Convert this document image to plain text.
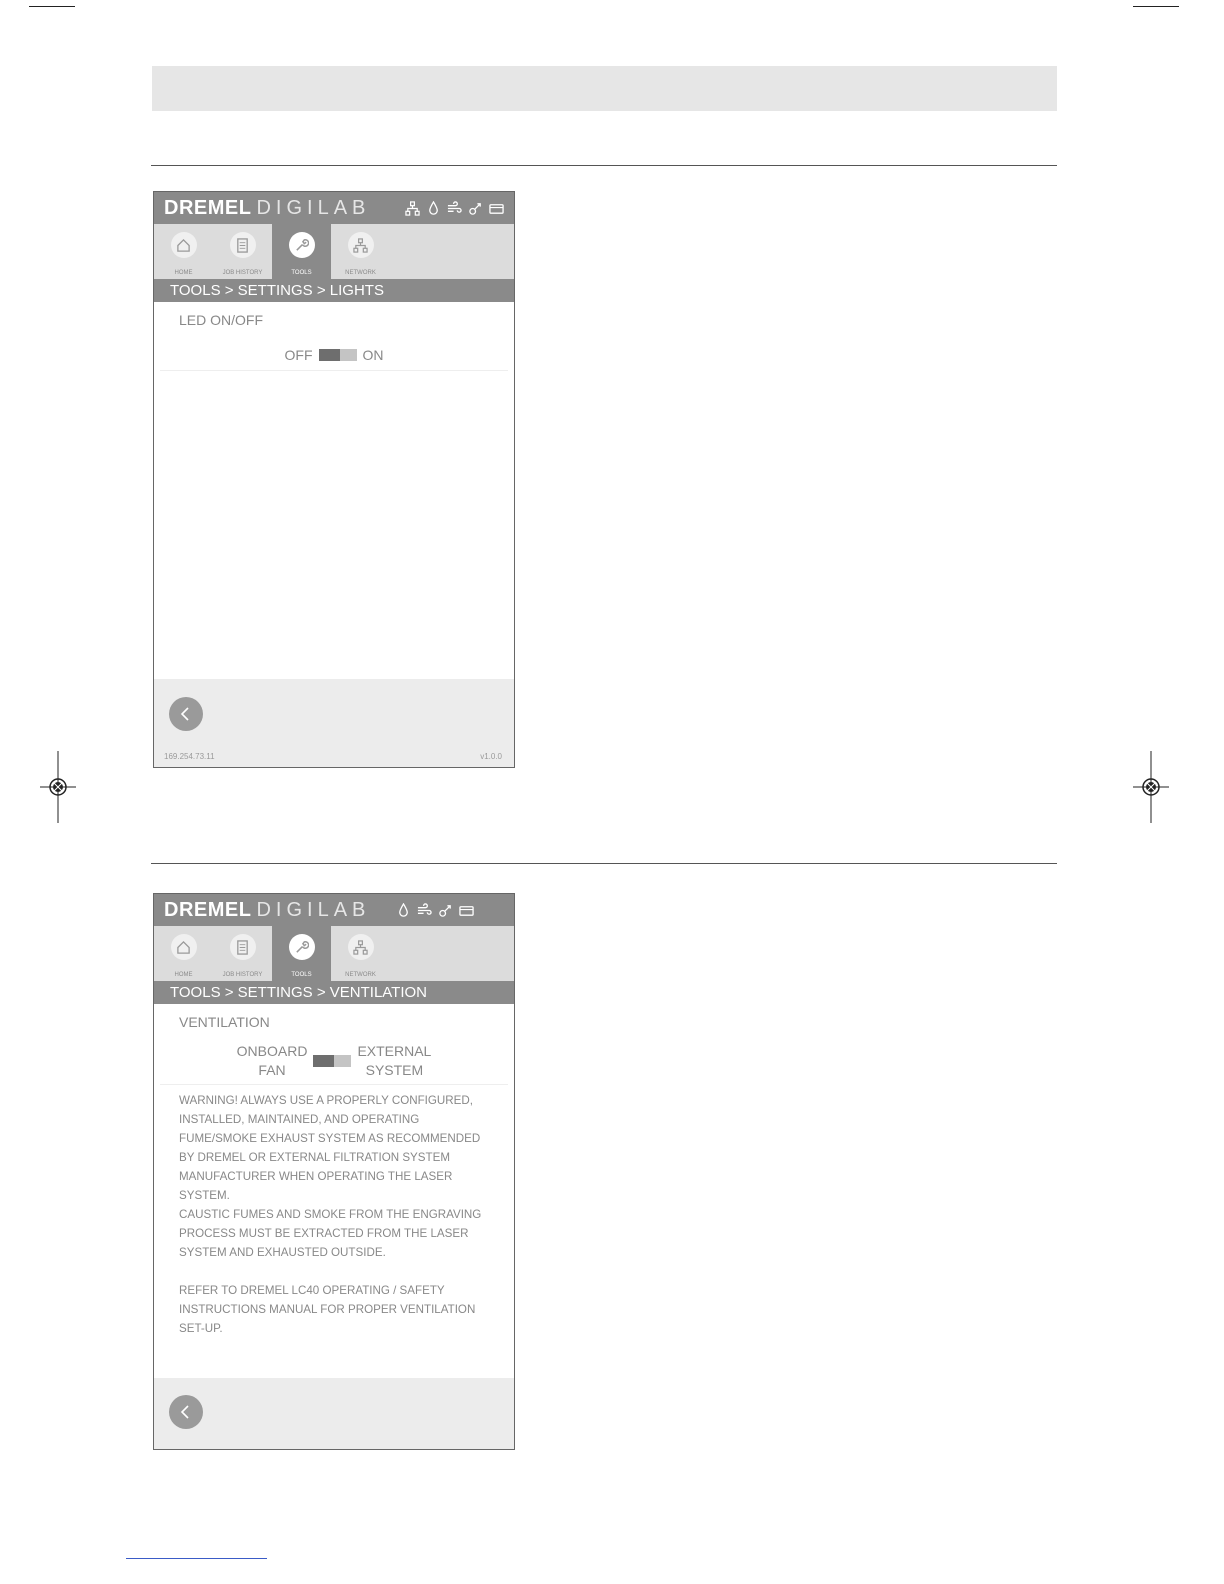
DREMEL DIGILAB
HOME	JOB HISTORY	TOOLS	NETWORK
TOOLS > SETTINGS > LIGHTS
LED ON/OFF
OFF	ON
169.254.73.11	v1.0.0
DREMEL DIGILAB
HOME	JOB HISTORY	TOOLS	NETWORK
TOOLS > SETTINGS > VENTILATION
VENTILATION
ONBOARD
FAN
EXTERNAL
SYSTEM

WARNING! ALWAYS USE A PROPERLY CONFIGURED, INSTALLED, MAINTAINED, AND OPERATING FUME/SMOKE EXHAUST SYSTEM AS RECOMMENDED BY DREMEL OR EXTERNAL FILTRATION SYSTEM MANUFACTURER WHEN OPERATING THE LASER SYSTEM.

CAUSTIC FUMES AND SMOKE FROM THE ENGRAVING PROCESS MUST BE EXTRACTED FROM THE LASER SYSTEM AND EXHAUSTED OUTSIDE.

REFER TO DREMEL LC40 OPERATING / SAFETY INSTRUCTIONS MANUAL FOR PROPER VENTILATION SET-UP.
